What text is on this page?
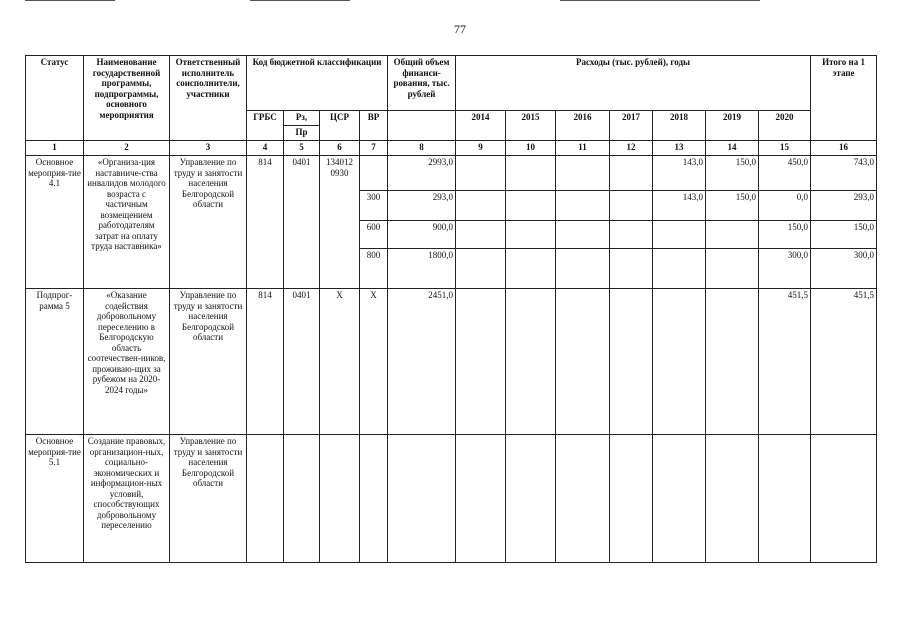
77
Статус	Наименование государственной программы, подпрограммы, основного мероприятия	Ответственный исполнитель соисполнители, участники	Код бюджетной классификации				Общий объем финанси-рования, тыс. рублей	Расходы (тыс. рублей), годы							Итого на 1 этапе
			ГРБС	Рз,	ЦСР	ВР		2014	2015	2016	2017	2018	2019	2020	
				Пр											
1	2	3	4	5	6	7	8	9	10	11	12	13	14	15	16
Основное мероприя-тие 4.1	«Организа-ция наставниче-ства инвалидов молодого возраста с частичным возмещением работодателям затрат на оплату труда наставника»	Управление по труду и занятости населения Белгородской области	814	0401	134012 0930		2993,0					143,0	150,0	450,0	743,0
						300	293,0					143,0	150,0	0,0	293,0
						600	900,0							150,0	150,0
						800	1800,0							300,0	300,0
Подпрог-рамма 5	«Оказание содействия добровольному переселению в Белгородскую область соотечествен-ников, проживаю-щих за рубежом на 2020-2024 годы»	Управление по труду и занятости населения Белгородской области	814	0401	Х	Х	2451,0							451,5	451,5
Основное мероприя-тие 5.1	Создание правовых, организацион-ных, социально-экономических и информацион-ных условий, способствующих добровольному переселению	Управление по труду и занятости населения Белгородской области													
